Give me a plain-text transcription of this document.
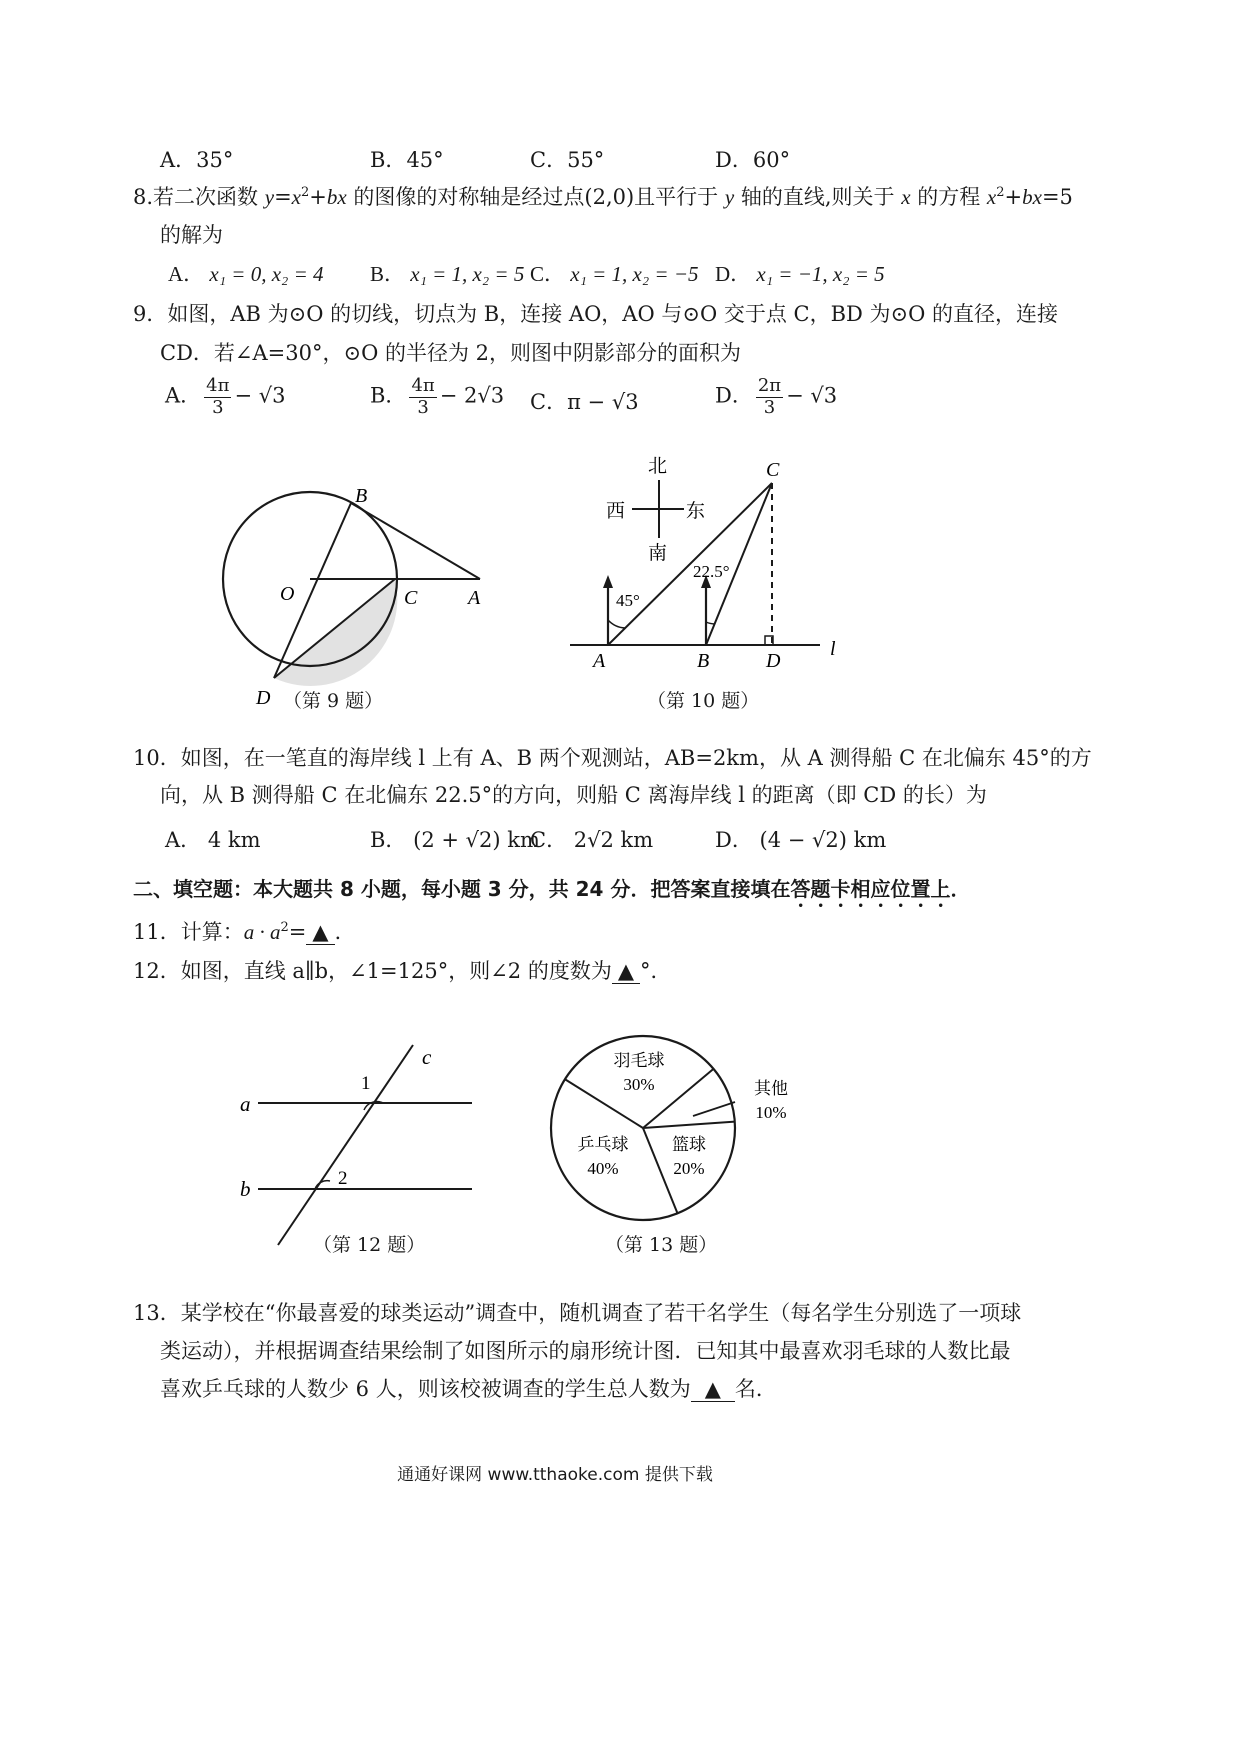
A．35°	B．45°	C．55°	D．60°
8.若二次函数 $y=x^2+bx$ 的图像的对称轴是经过点(2,0)且平行于 y 轴的直线,则关于 x 的方程 $x^2+bx=5$
的解为
A． x₁ = 0, x₂ = 4 B． x₁ = 1, x₂ = 5 C． x₁ = 1, x₂ = −5 D． x₁ = −1, x₂ = 5
9．如图，AB 为⊙O 的切线，切点为 B，连接 AO，AO 与⊙O 交于点 C，BD 为⊙O 的直径，连接
CD．若∠A=30°，⊙O 的半径为 2，则图中阴影部分的面积为
A． $\frac{4\pi}{3} - √3$	B． $\frac{4\pi}{3} - 2√3$ C．π − √3	D． $\frac{2\pi}{3} - √3$
B
O	C	A
D （第 9 题）
北
南
西	东
45°
22.5°
C
A	B	D
l
（第 10 题）
10．如图，在一笔直的海岸线 l 上有 A、B 两个观测站，AB=2km，从 A 测得船 C 在北偏东 45°的方
向，从 B 测得船 C 在北偏东 22.5°的方向，则船 C 离海岸线 l 的距离（即 CD 的长）为
A． 4 km	B． (2 + √2) km
C． 2√2 km	D． (4 − √2) km
二、填空题：本大题共 8 小题，每小题 3 分，共 24 分．把答案直接填在答题卡相应位置上．
11．计算：$a \cdot a^2=$ ▲ .
12．如图，直线 a∥b，∠1=125°，则∠2 的度数为 ▲ °．
a
b
c
1
2
（第 12 题）
羽毛球
30%	其他
10%
篮球
20%
乒乓球
40%
（第 13 题）
13．某学校在“你最喜爱的球类运动”调查中，随机调查了若干名学生（每名学生分别选了一项球
类运动），并根据调查结果绘制了如图所示的扇形统计图．已知其中最喜欢羽毛球的人数比最
喜欢乒乓球的人数少 6 人，则该校被调查的学生总人数为 ▲ 名．
通通好课网 www.tthaoke.com 提供下载
